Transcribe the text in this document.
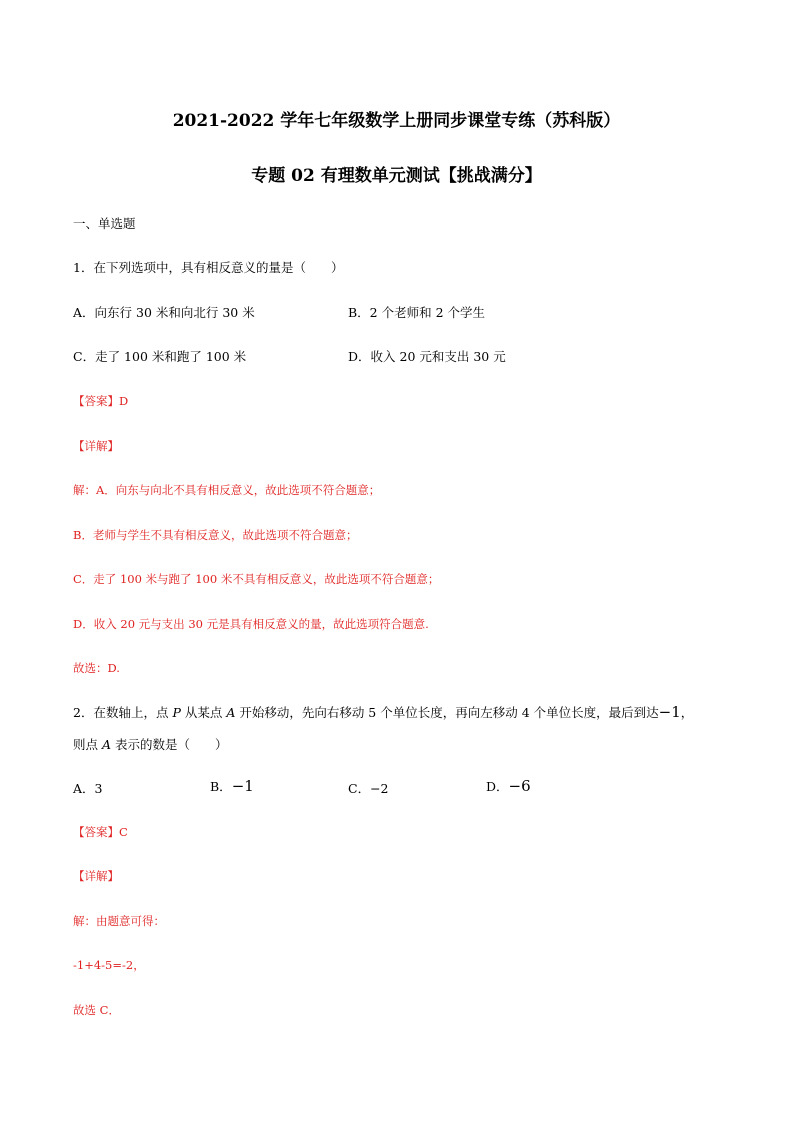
2021-2022 学年七年级数学上册同步课堂专练（苏科版）
专题 02 有理数单元测试【挑战满分】
一、单选题
1．在下列选项中，具有相反意义的量是（　　）
A．向东行 30 米和向北行 30 米	B．2 个老师和 2 个学生
C．走了 100 米和跑了 100 米	D．收入 20 元和支出 30 元
【答案】D
【详解】
解：A．向东与向北不具有相反意义，故此选项不符合题意；
B．老师与学生不具有相反意义，故此选项不符合题意；
C．走了 100 米与跑了 100 米不具有相反意义，故此选项不符合题意；
D．收入 20 元与支出 30 元是具有相反意义的量，故此选项符合题意.
故选：D.
2．在数轴上，点 P 从某点 A 开始移动，先向右移动 5 个单位长度，再向左移动 4 个单位长度，最后到达−1，
则点 A 表示的数是（　　）
A．3	B．−1	C．−2	D．−6
【答案】C
【详解】
解：由题意可得：
-1+4-5=-2，
故选 C．
